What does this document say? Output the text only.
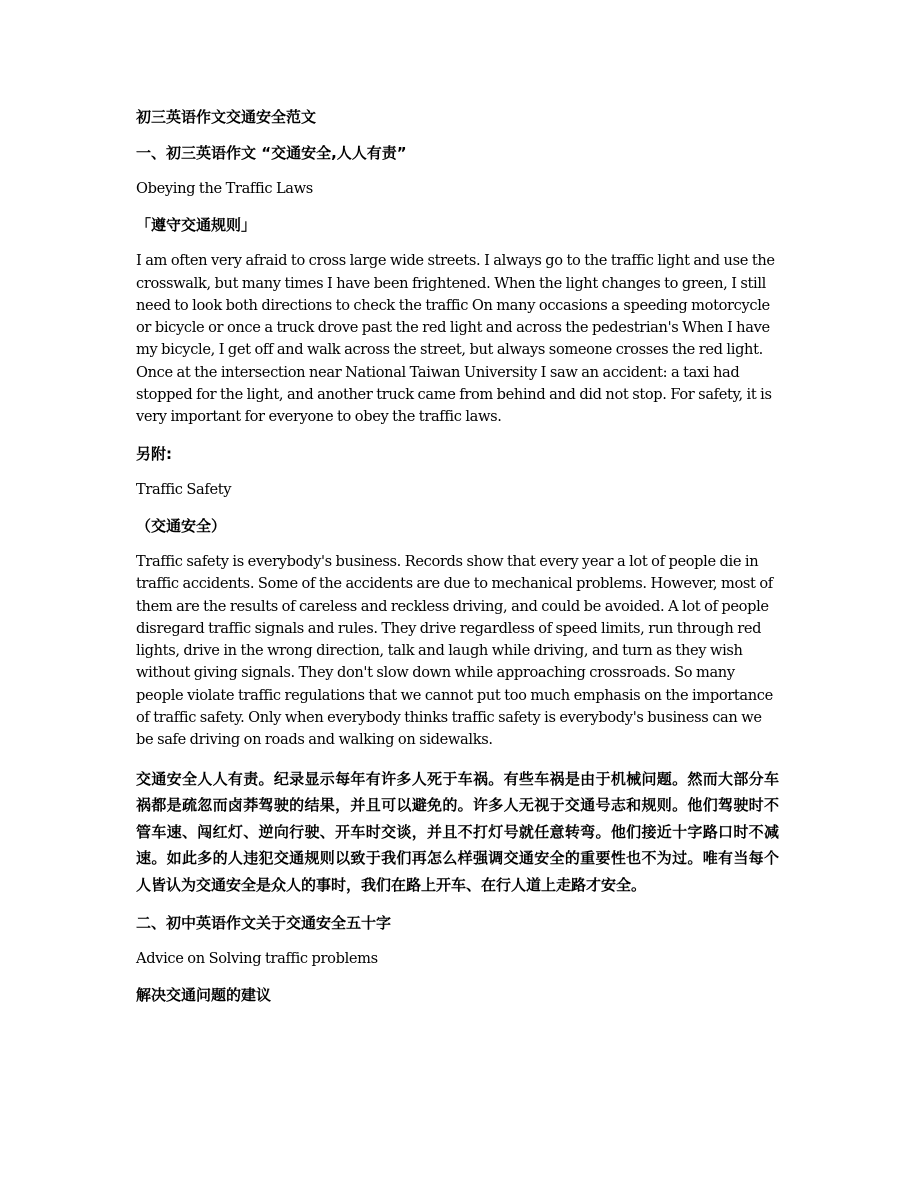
初三英语作文交通安全范文

一、初三英语作文 “交通安全,人人有责”

Obeying the Traffic Laws

「遵守交通规则」

I am often very afraid to cross large wide streets. I always go to the traffic light and use the crosswalk, but many times I have been frightened. When the light changes to green, I still need to look both directions to check the traffic On many occasions a speeding motorcycle or bicycle or once a truck drove past the red light and across the pedestrian's When I have my bicycle, I get off and walk across the street, but always someone crosses the red light. Once at the intersection near National Taiwan University I saw an accident: a taxi had stopped for the light, and another truck came from behind and did not stop. For safety, it is very important for everyone to obey the traffic laws.

另附:

Traffic Safety

（交通安全）

Traffic safety is everybody's business. Records show that every year a lot of people die in traffic accidents. Some of the accidents are due to mechanical problems. However, most of them are the results of careless and reckless driving, and could be avoided. A lot of people disregard traffic signals and rules. They drive regardless of speed limits, run through red lights, drive in the wrong direction, talk and laugh while driving, and turn as they wish without giving signals. They don't slow down while approaching crossroads. So many people violate traffic regulations that we cannot put too much emphasis on the importance of traffic safety. Only when everybody thinks traffic safety is everybody's business can we be safe driving on roads and walking on sidewalks.

交通安全人人有责。纪录显示每年有许多人死于车祸。有些车祸是由于机械问题。然而大部分车祸都是疏忽而卤莽驾驶的结果，并且可以避免的。许多人无视于交通号志和规则。他们驾驶时不管车速、闯红灯、逆向行驶、开车时交谈，并且不打灯号就任意转弯。他们接近十字路口时不减速。如此多的人违犯交通规则以致于我们再怎么样强调交通安全的重要性也不为过。唯有当每个人皆认为交通安全是众人的事时，我们在路上开车、在行人道上走路才安全。

二、初中英语作文关于交通安全五十字

Advice on Solving traffic problems

解决交通问题的建议
